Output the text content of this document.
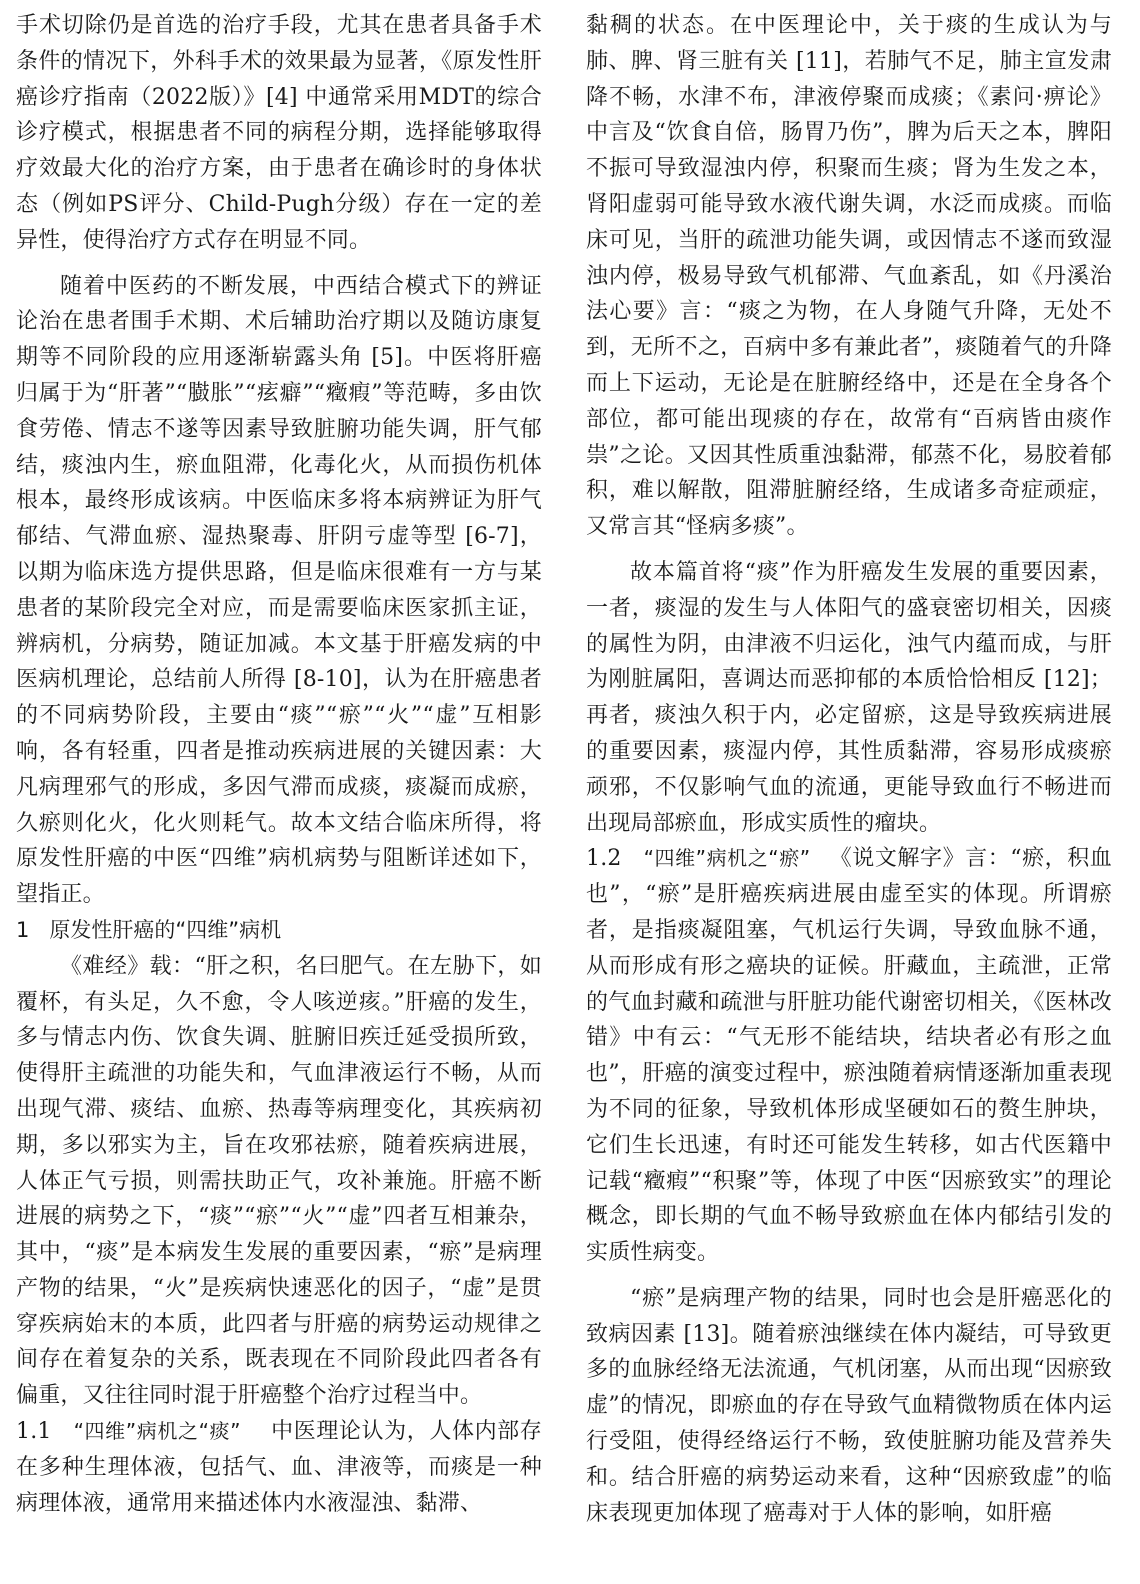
手术切除仍是首选的治疗手段，尤其在患者具备手术条件的情况下，外科手术的效果最为显著，《原发性肝癌诊疗指南（2022版）》[4] 中通常采用MDT的综合诊疗模式，根据患者不同的病程分期，选择能够取得疗效最大化的治疗方案，由于患者在确诊时的身体状态（例如PS评分、Child-Pugh分级）存在一定的差异性，使得治疗方式存在明显不同。

随着中医药的不断发展，中西结合模式下的辨证论治在患者围手术期、术后辅助治疗期以及随访康复期等不同阶段的应用逐渐崭露头角 [5]。中医将肝癌归属于为“肝著”“臌胀”“痃癖”“癥瘕”等范畴，多由饮食劳倦、情志不遂等因素导致脏腑功能失调，肝气郁结，痰浊内生，瘀血阻滞，化毒化火，从而损伤机体根本，最终形成该病。中医临床多将本病辨证为肝气郁结、气滞血瘀、湿热聚毒、肝阴亏虚等型 [6-7]，以期为临床选方提供思路，但是临床很难有一方与某患者的某阶段完全对应，而是需要临床医家抓主证，辨病机，分病势，随证加减。本文基于肝癌发病的中医病机理论，总结前人所得 [8-10]，认为在肝癌患者的不同病势阶段，主要由“痰”“瘀”“火”“虚”互相影响，各有轻重，四者是推动疾病进展的关键因素：大凡病理邪气的形成，多因气滞而成痰，痰凝而成瘀，久瘀则化火，化火则耗气。故本文结合临床所得，将原发性肝癌的中医“四维”病机病势与阻断详述如下，望指正。

1 原发性肝癌的“四维”病机

《难经》载：“肝之积，名曰肥气。在左胁下，如覆杯，有头足，久不愈，令人咳逆痎。”肝癌的发生，多与情志内伤、饮食失调、脏腑旧疾迁延受损所致，使得肝主疏泄的功能失和，气血津液运行不畅，从而出现气滞、痰结、血瘀、热毒等病理变化，其疾病初期，多以邪实为主，旨在攻邪祛瘀，随着疾病进展，人体正气亏损，则需扶助正气，攻补兼施。肝癌不断进展的病势之下，“痰”“瘀”“火”“虚”四者互相兼杂，其中，“痰”是本病发生发展的重要因素，“瘀”是病理产物的结果，“火”是疾病快速恶化的因子，“虚”是贯穿疾病始末的本质，此四者与肝癌的病势运动规律之间存在着复杂的关系，既表现在不同阶段此四者各有偏重，又往往同时混于肝癌整个治疗过程当中。

1.1 “四维”病机之“痰” 中医理论认为，人体内部存在多种生理体液，包括气、血、津液等，而痰是一种病理体液，通常用来描述体内水液湿浊、黏滞、

黏稠的状态。在中医理论中，关于痰的生成认为与肺、脾、肾三脏有关 [11]，若肺气不足，肺主宣发肃降不畅，水津不布，津液停聚而成痰；《素问·痹论》中言及“饮食自倍，肠胃乃伤”，脾为后天之本，脾阳不振可导致湿浊内停，积聚而生痰；肾为生发之本，肾阳虚弱可能导致水液代谢失调，水泛而成痰。而临床可见，当肝的疏泄功能失调，或因情志不遂而致湿浊内停，极易导致气机郁滞、气血紊乱，如《丹溪治法心要》言：“痰之为物，在人身随气升降，无处不到，无所不之，百病中多有兼此者”，痰随着气的升降而上下运动，无论是在脏腑经络中，还是在全身各个部位，都可能出现痰的存在，故常有“百病皆由痰作祟”之论。又因其性质重浊黏滞，郁蒸不化，易胶着郁积，难以解散，阻滞脏腑经络，生成诸多奇症顽症，又常言其“怪病多痰”。

故本篇首将“痰”作为肝癌发生发展的重要因素，一者，痰湿的发生与人体阳气的盛衰密切相关，因痰的属性为阴，由津液不归运化，浊气内蕴而成，与肝为刚脏属阳，喜调达而恶抑郁的本质恰恰相反 [12]；再者，痰浊久积于内，必定留瘀，这是导致疾病进展的重要因素，痰湿内停，其性质黏滞，容易形成痰瘀顽邪，不仅影响气血的流通，更能导致血行不畅进而出现局部瘀血，形成实质性的瘤块。

1.2 “四维”病机之“瘀” 《说文解字》言：“瘀，积血也”，“瘀”是肝癌疾病进展由虚至实的体现。所谓瘀者，是指痰凝阻塞，气机运行失调，导致血脉不通，从而形成有形之癌块的证候。肝藏血，主疏泄，正常的气血封藏和疏泄与肝脏功能代谢密切相关，《医林改错》中有云：“气无形不能结块，结块者必有形之血也”，肝癌的演变过程中，瘀浊随着病情逐渐加重表现为不同的征象，导致机体形成坚硬如石的赘生肿块，它们生长迅速，有时还可能发生转移，如古代医籍中记载“癥瘕”“积聚”等，体现了中医“因瘀致实”的理论概念，即长期的气血不畅导致瘀血在体内郁结引发的实质性病变。

“瘀”是病理产物的结果，同时也会是肝癌恶化的致病因素 [13]。随着瘀浊继续在体内凝结，可导致更多的血脉经络无法流通，气机闭塞，从而出现“因瘀致虚”的情况，即瘀血的存在导致气血精微物质在体内运行受阻，使得经络运行不畅，致使脏腑功能及营养失和。结合肝癌的病势运动来看，这种“因瘀致虚”的临床表现更加体现了癌毒对于人体的影响，如肝癌
